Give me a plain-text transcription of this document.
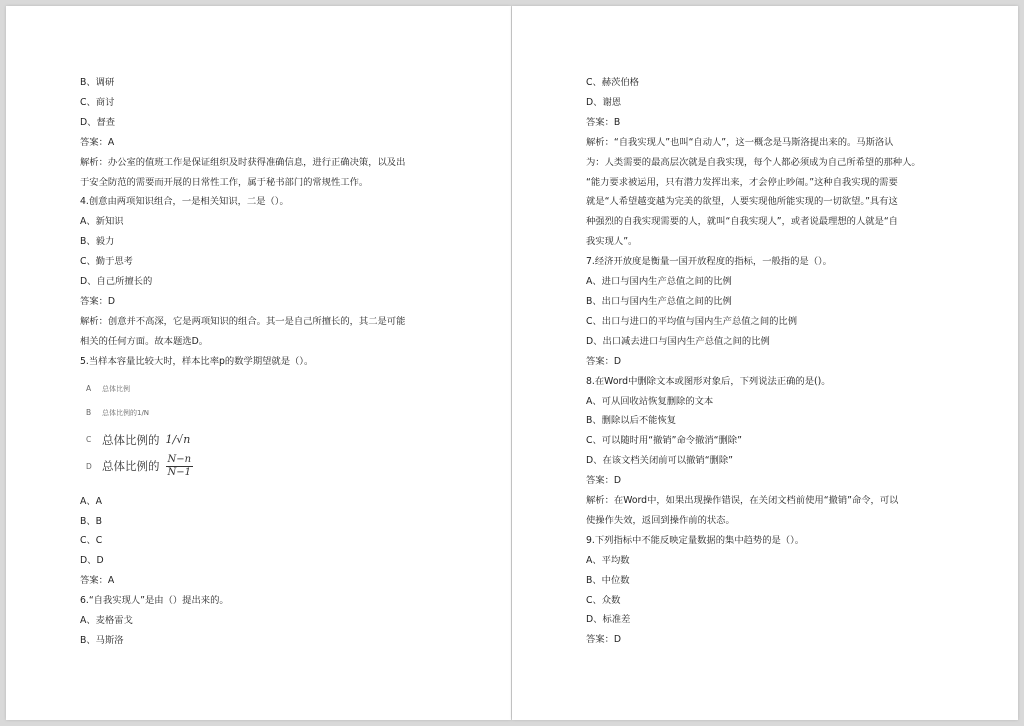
B、调研

C、商讨

D、督查

答案：A

解析：办公室的值班工作是保证组织及时获得准确信息，进行正确决策，以及出

于安全防范的需要而开展的日常性工作，属于秘书部门的常规性工作。

4.创意由两项知识组合，一是相关知识，二是（）。

A、新知识

B、毅力

C、勤于思考

D、自己所擅长的

答案：D

解析：创意并不高深，它是两项知识的组合。其一是自己所擅长的，其二是可能

相关的任何方面。故本题选D。

5.当样本容量比较大时，样本比率p的数学期望就是（）。

A	总体比例
B	总体比例的1/N
C 总体比例的 1/√n
D 总体比例的 $\frac{N-n}{N-1}$

A、A

B、B

C、C

D、D

答案：A

6.“自我实现人”是由（）提出来的。

A、麦格雷戈

B、马斯洛

C、赫茨伯格

D、谢恩

答案：B

解析：“自我实现人”也叫“自动人”，这一概念是马斯洛提出来的。马斯洛认

为：人类需要的最高层次就是自我实现，每个人都必须成为自己所希望的那种人。

“能力要求被运用，只有潜力发挥出来，才会停止吵闹。”这种自我实现的需要

就是“人希望越变越为完美的欲望，人要实现他所能实现的一切欲望。”具有这

种强烈的自我实现需要的人，就叫“自我实现人”，或者说最理想的人就是“自

我实现人”。

7.经济开放度是衡量一国开放程度的指标，一般指的是（）。

A、进口与国内生产总值之间的比例

B、出口与国内生产总值之间的比例

C、出口与进口的平均值与国内生产总值之间的比例

D、出口减去进口与国内生产总值之间的比例

答案：D

8.在Word中删除文本或图形对象后，下列说法正确的是()。

A、可从回收站恢复删除的文本

B、删除以后不能恢复

C、可以随时用“撤销”命令撤消“删除”

D、在该文档关闭前可以撤销“删除”

答案：D

解析：在Word中，如果出现操作错误，在关闭文档前使用“撤销”命令，可以

使操作失效，返回到操作前的状态。

9.下列指标中不能反映定量数据的集中趋势的是（）。

A、平均数

B、中位数

C、众数

D、标准差

答案：D
